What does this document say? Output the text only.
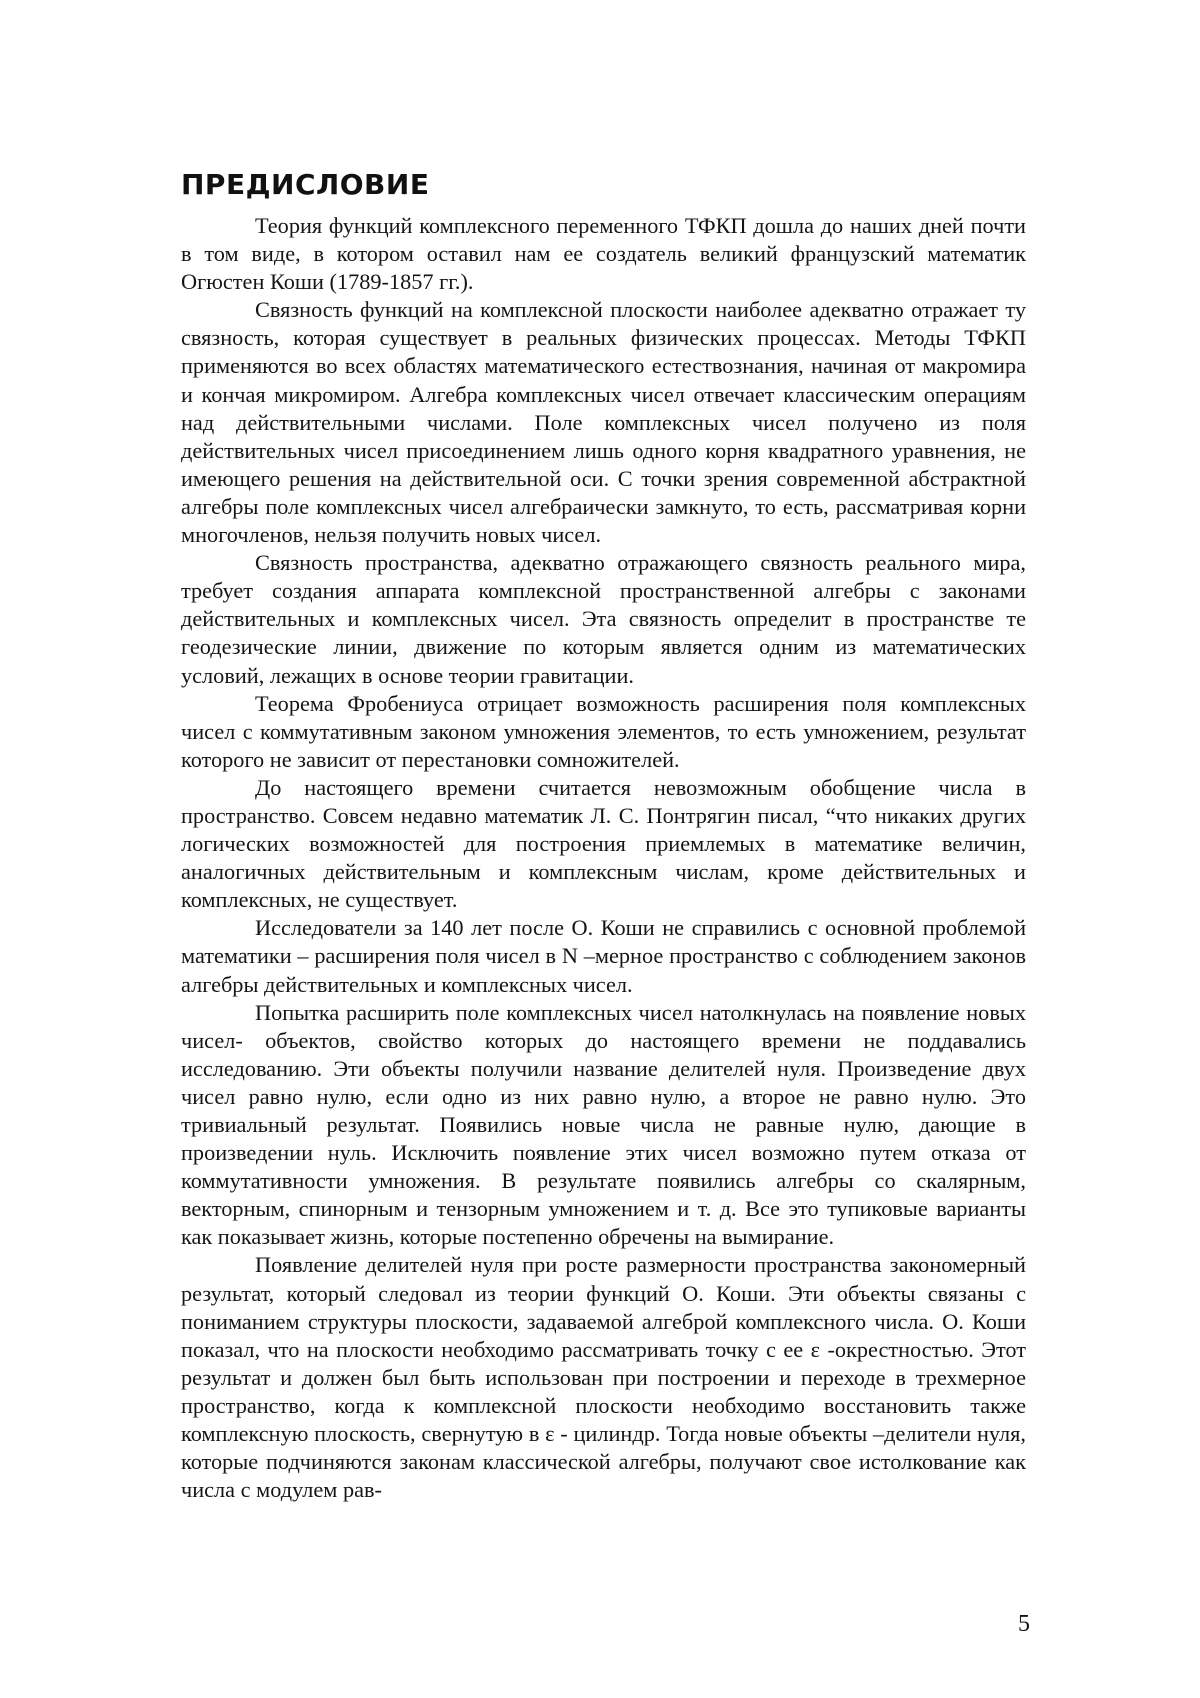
ПРЕДИСЛОВИЕ

Теория функций комплексного переменного ТФКП дошла до наших дней почти в том виде, в котором оставил нам ее создатель великий французский математик Огюстен Коши (1789-1857 гг.).

Связность функций на комплексной плоскости наиболее адекватно отражает ту связность, которая существует в реальных физических процессах. Методы ТФКП применяются во всех областях математического естествознания, начиная от макромира и кончая микромиром. Алгебра комплексных чисел отвечает классическим операциям над действительными числами. Поле комплексных чисел получено из поля действительных чисел присоединением лишь одного корня квадратного уравнения, не имеющего решения на действительной оси. С точки зрения современной абстрактной алгебры поле комплексных чисел алгебраически замкнуто, то есть, рассматривая корни многочленов, нельзя получить новых чисел.

Связность пространства, адекватно отражающего связность реального мира, требует создания аппарата комплексной пространственной алгебры с законами действительных и комплексных чисел. Эта связность определит в пространстве те геодезические линии, движение по которым является одним из математических условий, лежащих в основе теории гравитации.

Теорема Фробениуса отрицает возможность расширения поля комплексных чисел с коммутативным законом умножения элементов, то есть умножением, результат которого не зависит от перестановки сомножителей.

До настоящего времени считается невозможным обобщение числа в пространство. Совсем недавно математик Л. С. Понтрягин писал, “что никаких других логических возможностей для построения приемлемых в математике величин, аналогичных действительным и комплексным числам, кроме действительных и комплексных, не существует.

Исследователи за 140 лет после О. Коши не справились с основной проблемой математики – расширения поля чисел в N –мерное пространство с соблюдением законов алгебры действительных и комплексных чисел.

Попытка расширить поле комплексных чисел натолкнулась на появление новых чисел- объектов, свойство которых до настоящего времени не поддавались исследованию. Эти объекты получили название делителей нуля. Произведение двух чисел равно нулю, если одно из них равно нулю, а второе не равно нулю. Это тривиальный результат. Появились новые числа не равные нулю, дающие в произведении нуль. Исключить появление этих чисел возможно путем отказа от коммутативности умножения. В результате появились алгебры со скалярным, векторным, спинорным и тензорным умножением и т. д. Все это тупиковые варианты как показывает жизнь, которые постепенно обречены на вымирание.

Появление делителей нуля при росте размерности пространства закономерный результат, который следовал из теории функций О. Коши. Эти объекты связаны с пониманием структуры плоскости, задаваемой алгеброй комплексного числа. О. Коши показал, что на плоскости необходимо рассматривать точку с ее ε -окрестностью. Этот результат и должен был быть использован при построении и переходе в трехмерное пространство, когда к комплексной плоскости необходимо восстановить также комплексную плоскость, свернутую в ε - цилиндр. Тогда новые объекты –делители нуля, которые подчиняются законам классической алгебры, получают свое истолкование как числа с модулем рав-

5
